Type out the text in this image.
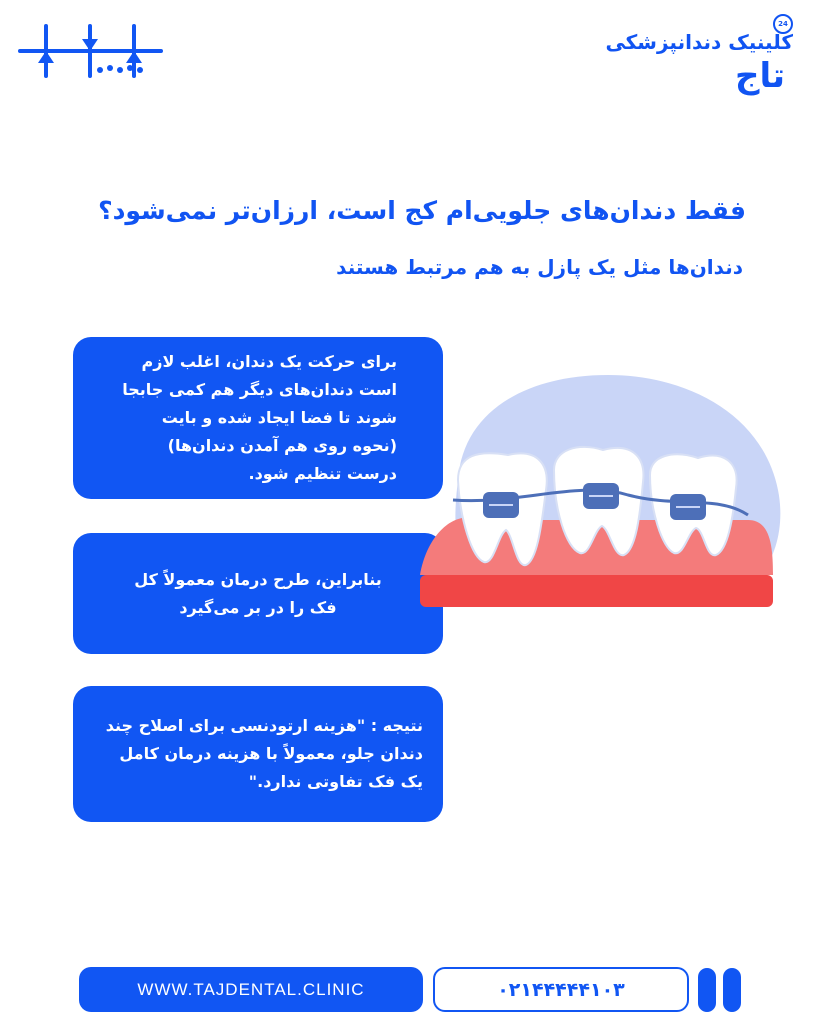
24
کلینیک دندانپزشکی
تاج
فقط دندان‌های جلویی‌ام کج است، ارزان‌تر نمی‌شود؟
دندان‌ها مثل یک پازل به هم مرتبط هستند

برای حرکت یک دندان، اغلب لازم است دندان‌های دیگر هم کمی جابجا شوند تا فضا ایجاد شده و بایت (نحوه روی هم آمدن دندان‌ها) درست تنظیم شود.

بنابراین، طرح درمان معمولاً کل فک را در بر می‌گیرد

نتیجه : "هزینه ارتودنسی برای اصلاح چند دندان جلو، معمولاً با هزینه درمان کامل یک فک تفاوتی ندارد."

WWW.TAJDENTAL.CLINIC	۰۲۱۴۴۴۴۴۱۰۳
